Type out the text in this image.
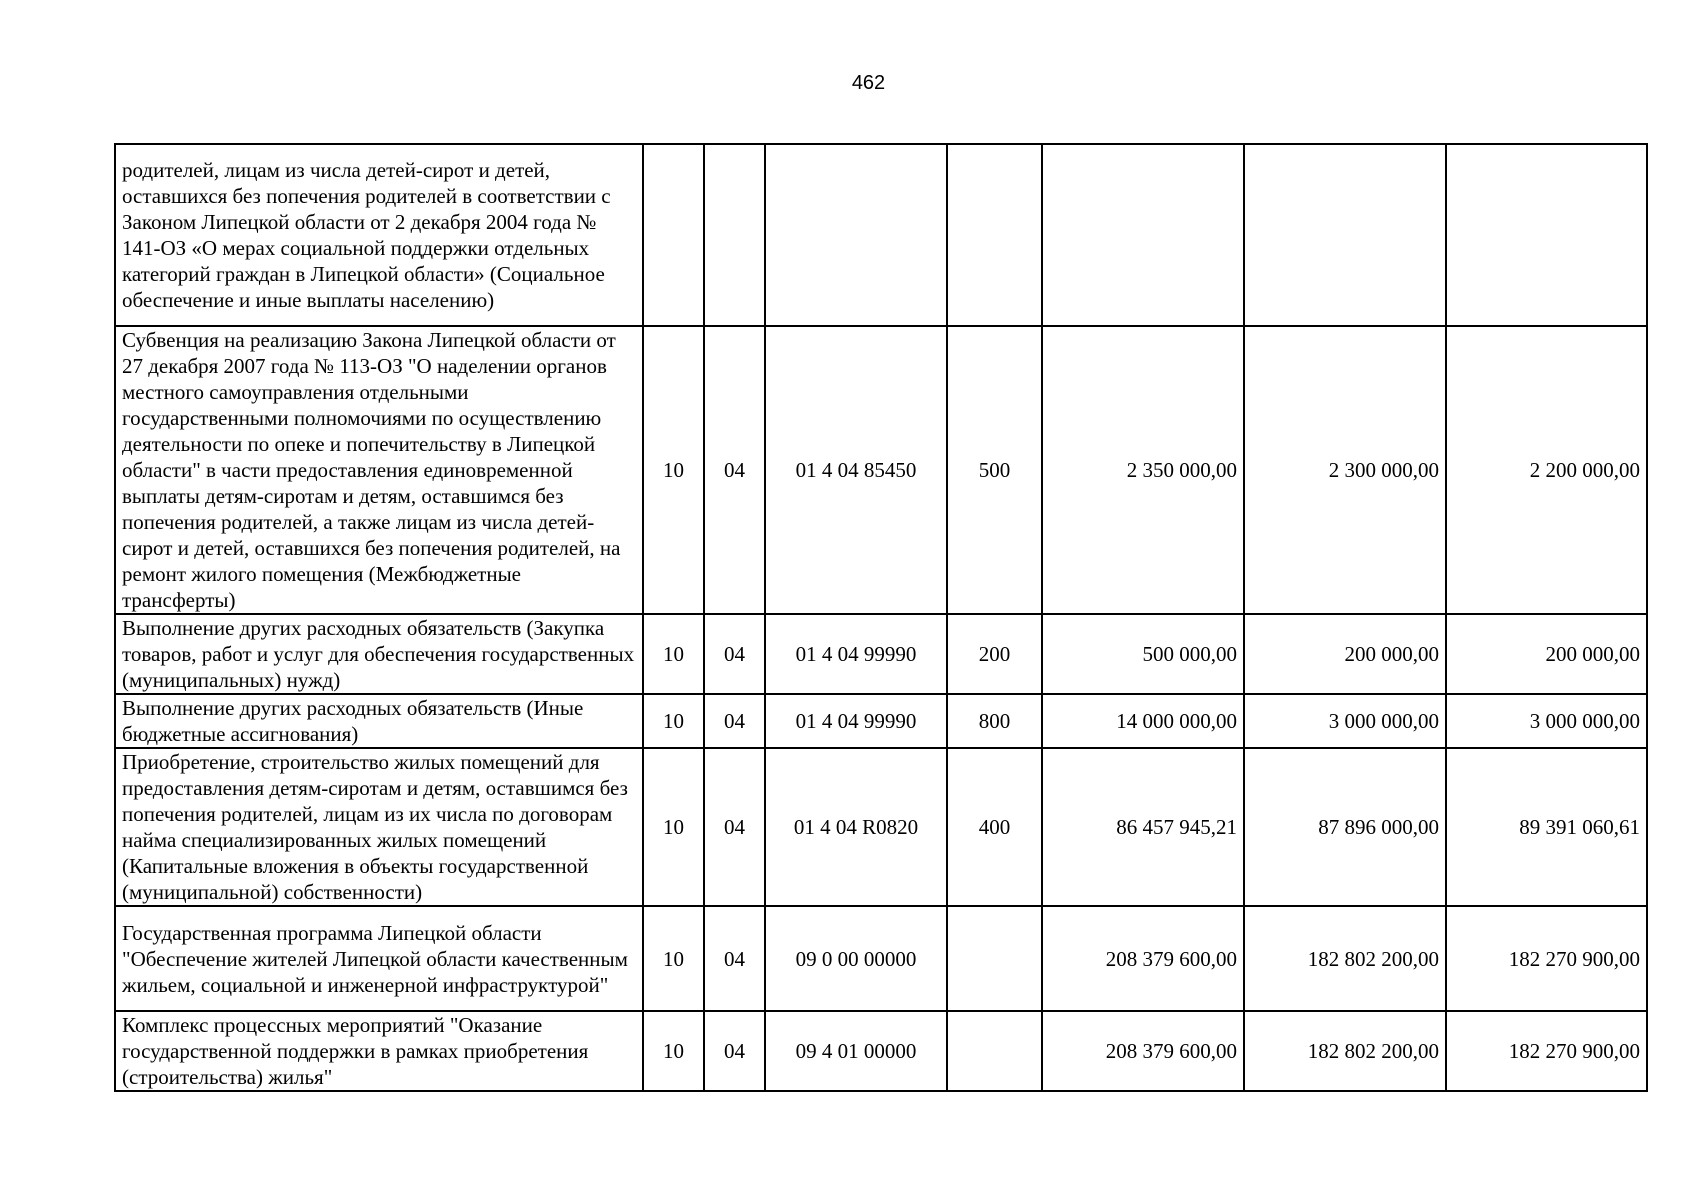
462
родителей, лицам из числа детей-сирот и детей, оставшихся без попечения родителей в соответствии с Законом Липецкой области от 2 декабря 2004 года № 141-ОЗ «О мерах социальной поддержки отдельных категорий граждан в Липецкой области» (Социальное обеспечение и иные выплаты населению)							
Субвенция на реализацию Закона Липецкой области от 27 декабря 2007 года № 113-ОЗ "О наделении органов местного самоуправления отдельными государственными полномочиями по осуществлению деятельности по опеке и попечительству в Липецкой области" в части предоставления единовременной выплаты детям-сиротам и детям, оставшимся без попечения родителей, а также лицам из числа детей-сирот и детей, оставшихся без попечения родителей, на ремонт жилого помещения (Межбюджетные трансферты)	10	04	01 4 04 85450	500	2 350 000,00	2 300 000,00	2 200 000,00
Выполнение других расходных обязательств (Закупка товаров, работ и услуг для обеспечения государственных (муниципальных) нужд)	10	04	01 4 04 99990	200	500 000,00	200 000,00	200 000,00
Выполнение других расходных обязательств (Иные бюджетные ассигнования)	10	04	01 4 04 99990	800	14 000 000,00	3 000 000,00	3 000 000,00
Приобретение, строительство жилых помещений для предоставления детям-сиротам и детям, оставшимся без попечения родителей, лицам из их числа по договорам найма специализированных жилых помещений (Капитальные вложения в объекты государственной (муниципальной) собственности)	10	04	01 4 04 R0820	400	86 457 945,21	87 896 000,00	89 391 060,61
Государственная программа Липецкой области "Обеспечение жителей Липецкой области качественным жильем, социальной и инженерной инфраструктурой"	10	04	09 0 00 00000		208 379 600,00	182 802 200,00	182 270 900,00
Комплекс процессных мероприятий "Оказание государственной поддержки в рамках приобретения (строительства) жилья"	10	04	09 4 01 00000		208 379 600,00	182 802 200,00	182 270 900,00
